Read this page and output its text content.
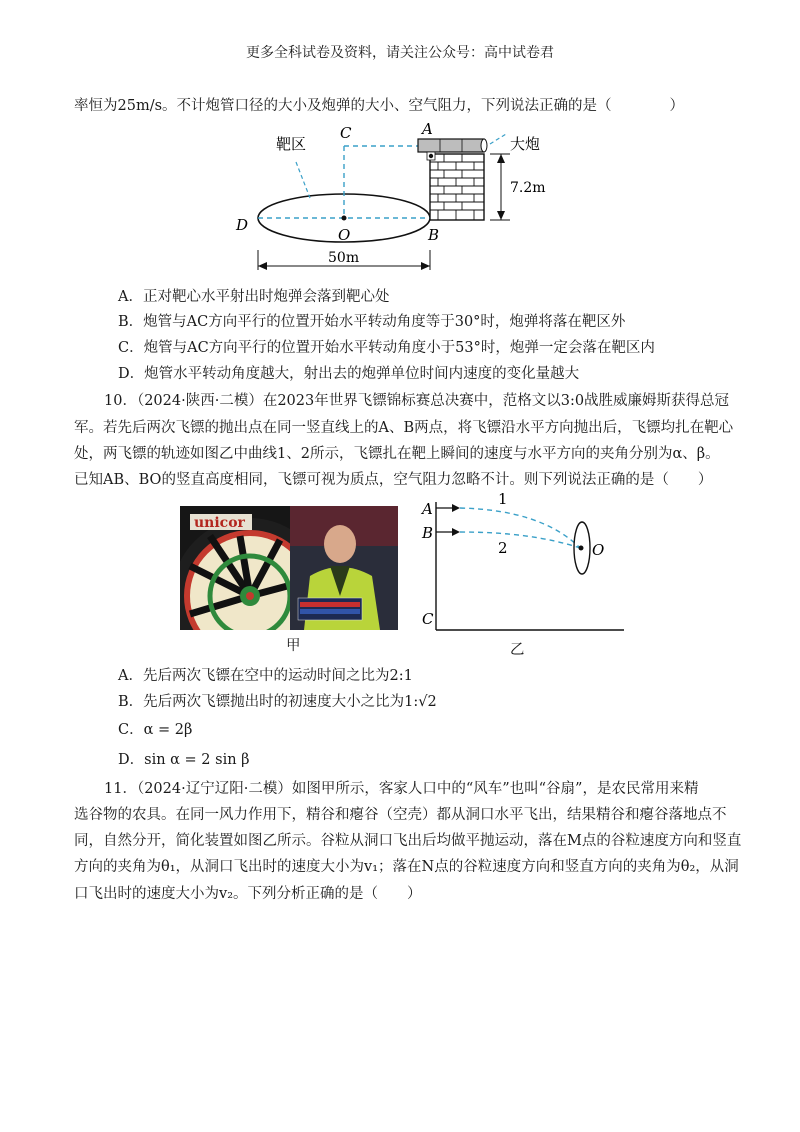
更多全科试卷及资料，请关注公众号：高中试卷君
率恒为25m/s。不计炮管口径的大小及炮弹的大小、空气阻力，下列说法正确的是（　　　　）
靶区
C	A
大炮
7.2m
D
O	B
50m
A．正对靶心水平射出时炮弹会落到靶心处
B．炮管与AC方向平行的位置开始水平转动角度等于30°时，炮弹将落在靶区外
C．炮管与AC方向平行的位置开始水平转动角度小于53°时，炮弹一定会落在靶区内
D．炮管水平转动角度越大，射出去的炮弹单位时间内速度的变化量越大
10．（2024·陕西·二模）在2023年世界飞镖锦标赛总决赛中，范格文以3:0战胜威廉姆斯获得总冠
军。若先后两次飞镖的抛出点在同一竖直线上的A、B两点，将飞镖沿水平方向抛出后，飞镖均扎在靶心
处，两飞镖的轨迹如图乙中曲线1、2所示，飞镖扎在靶上瞬间的速度与水平方向的夹角分别为α、β。
已知AB、BO的竖直高度相同，飞镖可视为质点，空气阻力忽略不计。则下列说法正确的是（　　）
unicor
甲
A
B
C
O
1
2
乙
A．先后两次飞镖在空中的运动时间之比为2:1
B．先后两次飞镖抛出时的初速度大小之比为1:√2
C．α = 2β
D．sin α = 2 sin β
11．（2024·辽宁辽阳·二模）如图甲所示，客家人口中的“风车”也叫“谷扇”，是农民常用来精
选谷物的农具。在同一风力作用下，精谷和瘪谷（空壳）都从洞口水平飞出，结果精谷和瘪谷落地点不
同，自然分开，简化装置如图乙所示。谷粒从洞口飞出后均做平抛运动，落在M点的谷粒速度方向和竖直
方向的夹角为θ₁，从洞口飞出时的速度大小为v₁；落在N点的谷粒速度方向和竖直方向的夹角为θ₂，从洞
口飞出时的速度大小为v₂。下列分析正确的是（　　）
